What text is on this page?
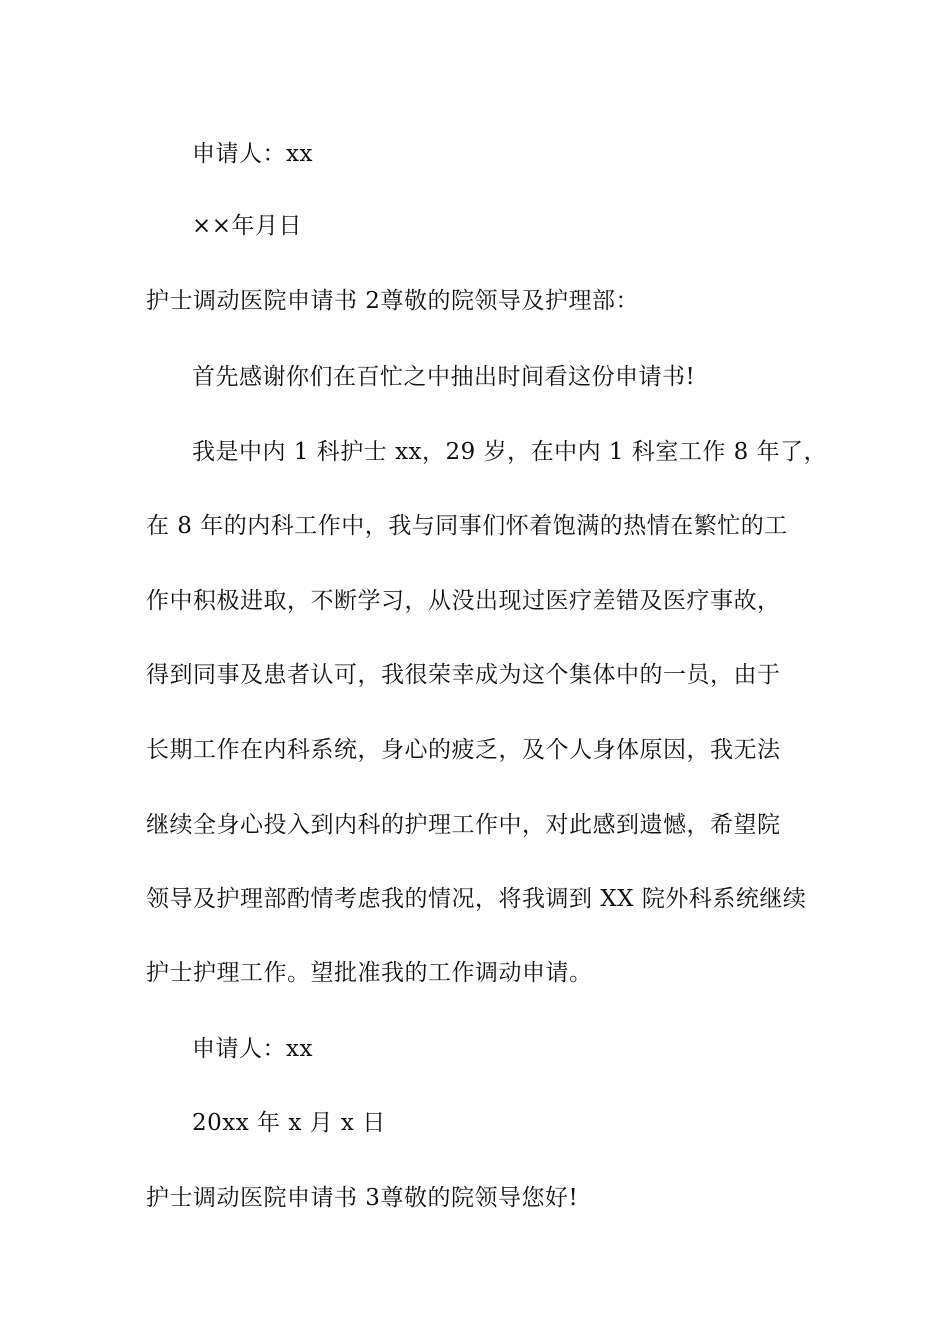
申请人：xx
××年月日
护士调动医院申请书 2尊敬的院领导及护理部：
首先感谢你们在百忙之中抽出时间看这份申请书!
我是中内 1 科护士 xx，29 岁，在中内 1 科室工作 8 年了，
在 8 年的内科工作中，我与同事们怀着饱满的热情在繁忙的工
作中积极进取，不断学习，从没出现过医疗差错及医疗事故，
得到同事及患者认可，我很荣幸成为这个集体中的一员，由于
长期工作在内科系统，身心的疲乏，及个人身体原因，我无法
继续全身心投入到内科的护理工作中，对此感到遗憾，希望院
领导及护理部酌情考虑我的情况，将我调到 XX 院外科系统继续
护士护理工作。望批准我的工作调动申请。
申请人：xx
20xx 年 x 月 x 日
护士调动医院申请书 3尊敬的院领导您好!
